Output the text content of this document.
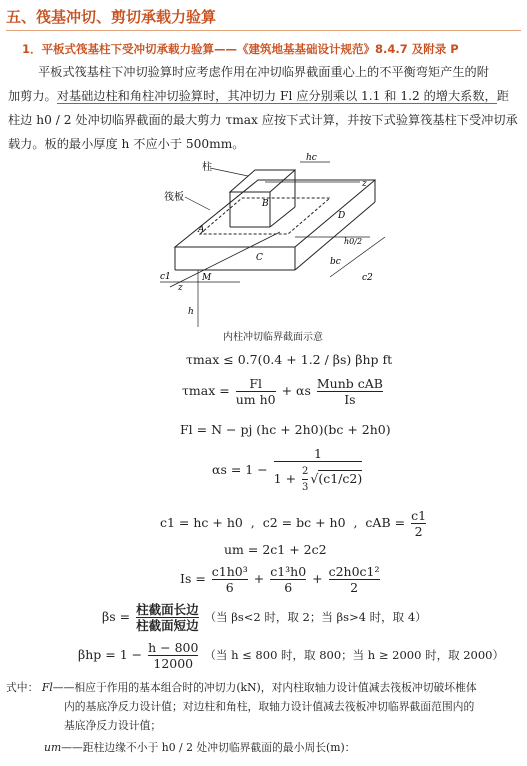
五、筏基冲切、剪切承载力验算
1．平板式筏基柱下受冲切承载力验算——《建筑地基基础设计规范》8.4.7 及附录 P
平板式筏基柱下冲切验算时应考虑作用在冲切临界截面重心上的不平衡弯矩产生的附
加剪力。对基础边柱和角柱冲切验算时，其冲切力 Fl 应分别乘以 1.1 和 1.2 的增大系数，距
柱边 h0 / 2 处冲切临界截面的最大剪力 τmax 应按下式计算，并按下式验算筏基柱下受冲切承
载力。板的最小厚度 h 不应小于 500mm。
柱
筏板
hc
z
B
A
D
C
M
z
c1	c2
bc
h0/2
h
内柱冲切临界截面示意
τmax ≤ 0.7(0.4 + 1.2 / βs) βhp ft
$\tau\max = \frac{Fl}{\text{um h0}} + \alpha s \frac{\text{Munb cAB}}{Is}$
Fl = N − pj (hc + 2h0)(bc + 2h0)
$\alpha s = 1 - \frac{1}{1 + \frac{2}{3} √(c1/c2)}$
c1 = hc + h0  ,  c2 = bc + h0  ,  cAB = $\frac{c1}{2}$
um = 2c1 + 2c2
$Is = \frac{\text{c1h0³}}{6} + \frac{\text{c1³h0}}{6} + \frac{\text{c2h0c1²}}{2}$
$\beta s = \frac{\text{柱截面长边}}{\text{柱截面短边}}$ （当 βs<2 时，取 2；当 βs>4 时，取 4）
$\beta hp = 1 - \frac{h - 800}{12000}$ （当 h ≤ 800 时，取 800；当 h ≥ 2000 时，取 2000）
式中： Fl——相应于作用的基本组合时的冲切力(kN)，对内柱取轴力设计值减去筏板冲切破坏椎体
内的基底净反力设计值；对边柱和角柱，取轴力设计值减去筏板冲切临界截面范围内的
基底净反力设计值；
um——距柱边缘不小于 h0 / 2 处冲切临界截面的最小周长(m)：
